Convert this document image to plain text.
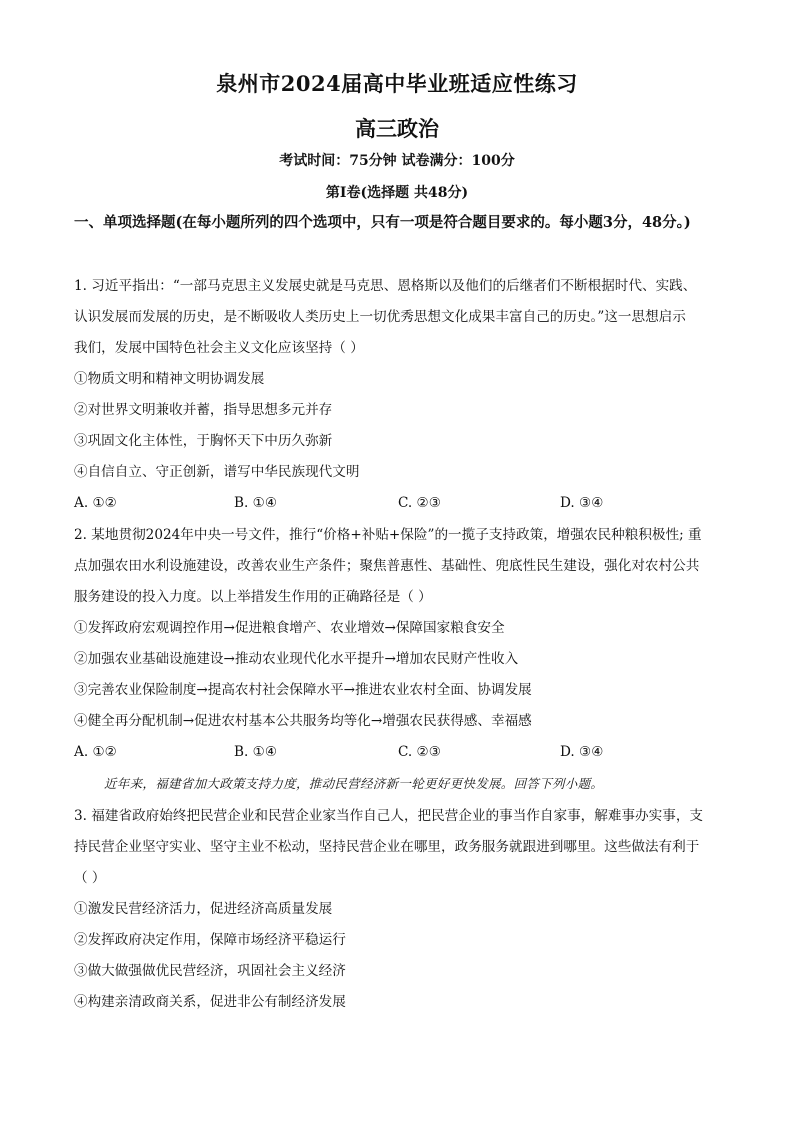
泉州市2024届高中毕业班适应性练习
高三政治
考试时间：75分钟 试卷满分：100分
第Ⅰ卷(选择题 共48分)
一、单项选择题(在每小题所列的四个选项中，只有一项是符合题目要求的。每小题3分，48分。)
1. 习近平指出：“一部马克思主义发展史就是马克思、恩格斯以及他们的后继者们不断根据时代、实践、
认识发展而发展的历史，是不断吸收人类历史上一切优秀思想文化成果丰富自己的历史。”这一思想启示
我们，发展中国特色社会主义文化应该坚持（ ）
①物质文明和精神文明协调发展
②对世界文明兼收并蓄，指导思想多元并存
③巩固文化主体性，于胸怀天下中历久弥新
④自信自立、守正创新，谱写中华民族现代文明
A. ①②	B. ①④	C. ②③	D. ③④
2. 某地贯彻2024年中央一号文件，推行“价格+补贴+保险”的一揽子支持政策，增强农民种粮积极性; 重
点加强农田水利设施建设，改善农业生产条件；聚焦普惠性、基础性、兜底性民生建设，强化对农村公共
服务建设的投入力度。以上举措发生作用的正确路径是（ ）
①发挥政府宏观调控作用→促进粮食增产、农业增效→保障国家粮食安全
②加强农业基础设施建设→推动农业现代化水平提升→增加农民财产性收入
③完善农业保险制度→提高农村社会保障水平→推进农业农村全面、协调发展
④健全再分配机制→促进农村基本公共服务均等化→增强农民获得感、幸福感
A. ①②	B. ①④	C. ②③	D. ③④
近年来，福建省加大政策支持力度，推动民营经济新一轮更好更快发展。回答下列小题。
3. 福建省政府始终把民营企业和民营企业家当作自己人，把民营企业的事当作自家事，解难事办实事，支
持民营企业坚守实业、坚守主业不松动，坚持民营企业在哪里，政务服务就跟进到哪里。这些做法有利于
（ ）
①激发民营经济活力，促进经济高质量发展
②发挥政府决定作用，保障市场经济平稳运行
③做大做强做优民营经济，巩固社会主义经济
④构建亲清政商关系，促进非公有制经济发展
